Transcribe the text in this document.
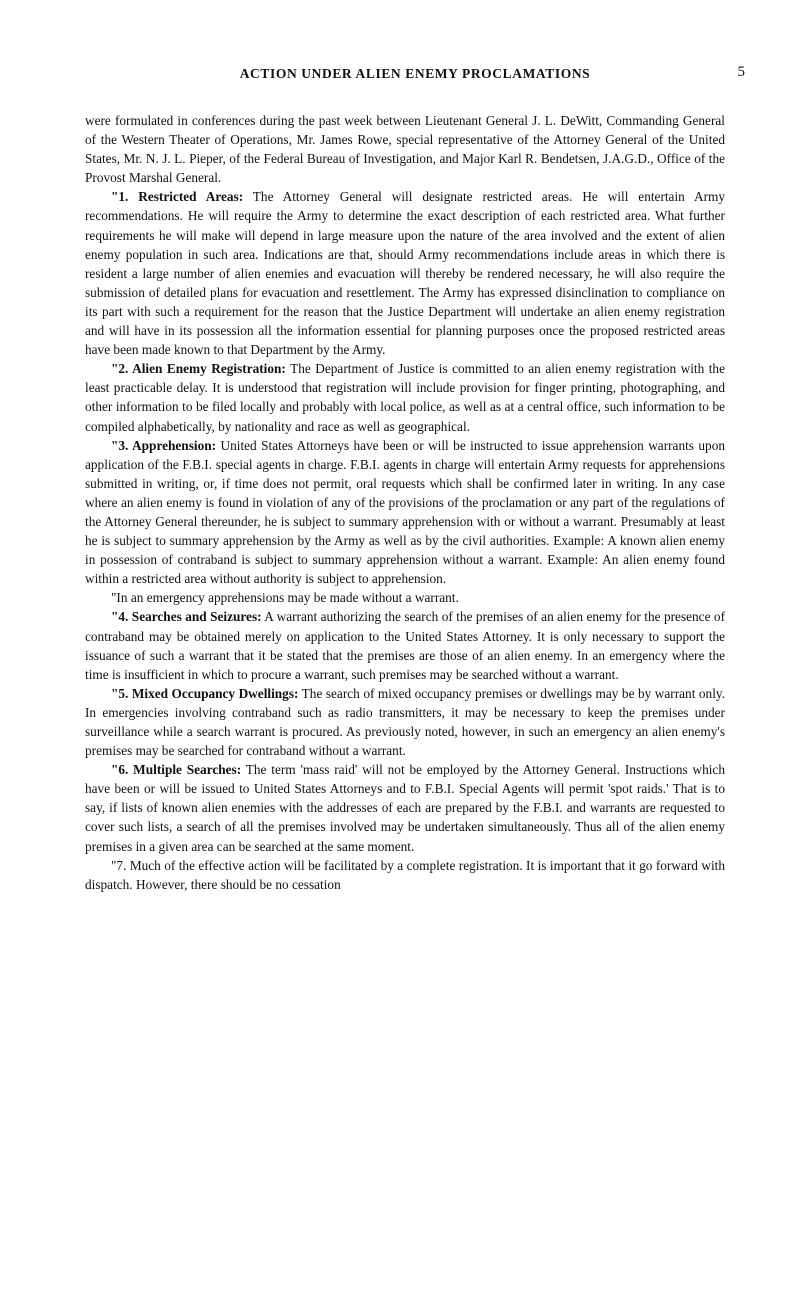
ACTION UNDER ALIEN ENEMY PROCLAMATIONS	5

were formulated in conferences during the past week between Lieutenant General J. L. DeWitt, Commanding General of the Western Theater of Operations, Mr. James Rowe, special representative of the Attorney General of the United States, Mr. N. J. L. Pieper, of the Federal Bureau of Investigation, and Major Karl R. Bendetsen, J.A.G.D., Office of the Provost Marshal General.

"1. Restricted Areas: The Attorney General will designate restricted areas. He will entertain Army recommendations. He will require the Army to determine the exact description of each restricted area. What further requirements he will make will depend in large measure upon the nature of the area involved and the extent of alien enemy population in such area. Indications are that, should Army recommendations include areas in which there is resident a large number of alien enemies and evacuation will thereby be rendered necessary, he will also require the submission of detailed plans for evacuation and resettlement. The Army has expressed disinclination to compliance on its part with such a requirement for the reason that the Justice Department will undertake an alien enemy registration and will have in its possession all the information essential for planning purposes once the proposed restricted areas have been made known to that Department by the Army.

"2. Alien Enemy Registration: The Department of Justice is committed to an alien enemy registration with the least practicable delay. It is understood that registration will include provision for finger printing, photographing, and other information to be filed locally and probably with local police, as well as at a central office, such information to be compiled alphabetically, by nationality and race as well as geographical.

"3. Apprehension: United States Attorneys have been or will be instructed to issue apprehension warrants upon application of the F.B.I. special agents in charge. F.B.I. agents in charge will entertain Army requests for apprehensions submitted in writing, or, if time does not permit, oral requests which shall be confirmed later in writing. In any case where an alien enemy is found in violation of any of the provisions of the proclamation or any part of the regulations of the Attorney General thereunder, he is subject to summary apprehension with or without a warrant. Presumably at least he is subject to summary apprehension by the Army as well as by the civil authorities. Example: A known alien enemy in possession of contraband is subject to summary apprehension without a warrant. Example: An alien enemy found within a restricted area without authority is subject to apprehension.

"In an emergency apprehensions may be made without a warrant.

"4. Searches and Seizures: A warrant authorizing the search of the premises of an alien enemy for the presence of contraband may be obtained merely on application to the United States Attorney. It is only necessary to support the issuance of such a warrant that it be stated that the premises are those of an alien enemy. In an emergency where the time is insufficient in which to procure a warrant, such premises may be searched without a warrant.

"5. Mixed Occupancy Dwellings: The search of mixed occupancy premises or dwellings may be by warrant only. In emergencies involving contraband such as radio transmitters, it may be necessary to keep the premises under surveillance while a search warrant is procured. As previously noted, however, in such an emergency an alien enemy's premises may be searched for contraband without a warrant.

"6. Multiple Searches: The term 'mass raid' will not be employed by the Attorney General. Instructions which have been or will be issued to United States Attorneys and to F.B.I. Special Agents will permit 'spot raids.' That is to say, if lists of known alien enemies with the addresses of each are prepared by the F.B.I. and warrants are requested to cover such lists, a search of all the premises involved may be undertaken simultaneously. Thus all of the alien enemy premises in a given area can be searched at the same moment.

"7. Much of the effective action will be facilitated by a complete registration. It is important that it go forward with dispatch. However, there should be no cessation
